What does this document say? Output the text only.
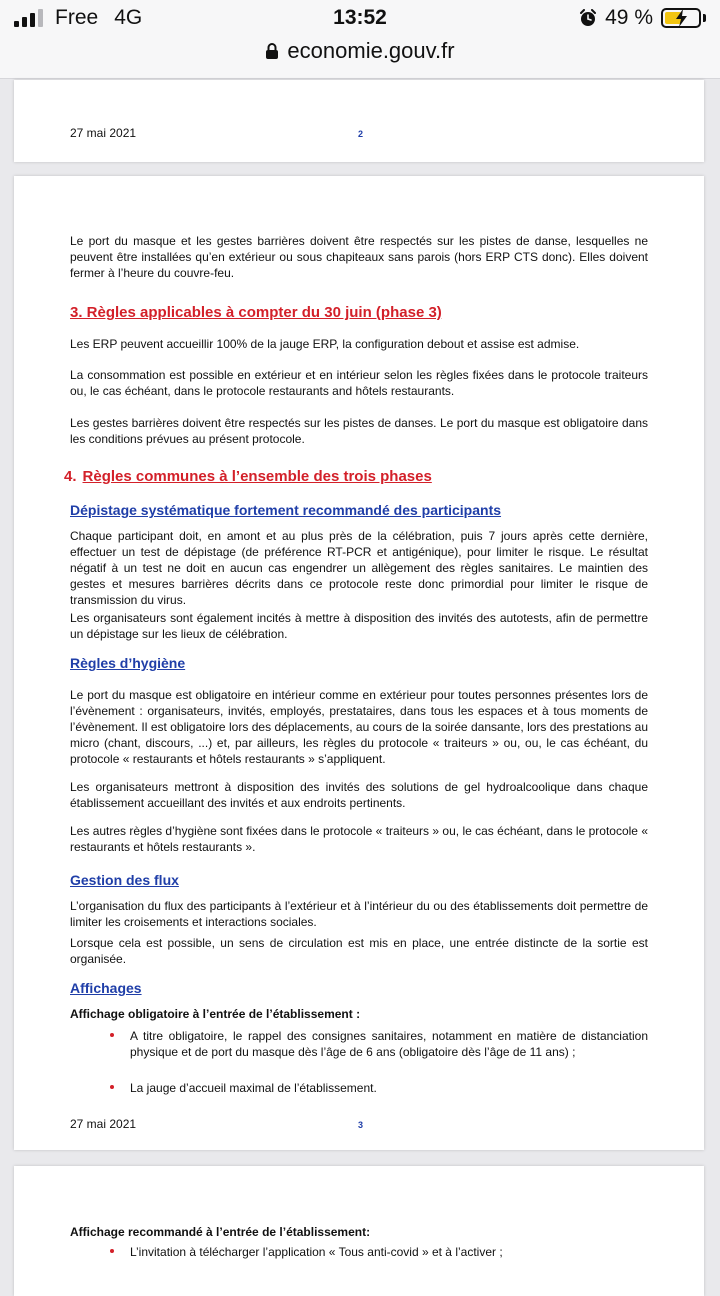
Free 4G	13:52	49 %
economie.gouv.fr
27 mai 2021	2
Le port du masque et les gestes barrières doivent être respectés sur les pistes de danse, lesquelles ne peuvent être installées qu’en extérieur ou sous chapiteaux sans parois (hors ERP CTS donc). Elles doivent fermer à l’heure du couvre-feu.
3. Règles applicables à compter du 30 juin (phase 3)
Les ERP peuvent accueillir 100% de la jauge ERP, la configuration debout et assise est admise.
La consommation est possible en extérieur et en intérieur selon les règles fixées dans le protocole traiteurs ou, le cas échéant, dans le protocole restaurants and hôtels restaurants.
Les gestes barrières doivent être respectés sur les pistes de danses. Le port du masque est obligatoire dans les conditions prévues au présent protocole.
4. Règles communes à l’ensemble des trois phases
Dépistage systématique fortement recommandé des participants
Chaque participant doit, en amont et au plus près de la célébration, puis 7 jours après cette dernière, effectuer un test de dépistage (de préférence RT-PCR et antigénique), pour limiter le risque. Le résultat négatif à un test ne doit en aucun cas engendrer un allègement des règles sanitaires. Le maintien des gestes et mesures barrières décrits dans ce protocole reste donc primordial pour limiter le risque de transmission du virus.
Les organisateurs sont également incités à mettre à disposition des invités des autotests, afin de permettre un dépistage sur les lieux de célébration.
Règles d’hygiène
Le port du masque est obligatoire en intérieur comme en extérieur pour toutes personnes présentes lors de l’évènement : organisateurs, invités, employés, prestataires, dans tous les espaces et à tous moments de l’évènement. Il est obligatoire lors des déplacements, au cours de la soirée dansante, lors des prestations au micro (chant, discours, ...) et, par ailleurs, les règles du protocole « traiteurs » ou, ou, le cas échéant, du protocole « restaurants et hôtels restaurants » s’appliquent.
Les organisateurs mettront à disposition des invités des solutions de gel hydroalcoolique dans chaque établissement accueillant des invités et aux endroits pertinents.
Les autres règles d’hygiène sont fixées dans le protocole « traiteurs » ou, le cas échéant, dans le protocole « restaurants et hôtels restaurants ».
Gestion des flux
L’organisation du flux des participants à l’extérieur et à l’intérieur du ou des établissements doit permettre de limiter les croisements et interactions sociales.
Lorsque cela est possible, un sens de circulation est mis en place, une entrée distincte de la sortie est organisée.
Affichages
Affichage obligatoire à l’entrée de l’établissement :
A titre obligatoire, le rappel des consignes sanitaires, notamment en matière de distanciation physique et de port du masque dès l’âge de 6 ans (obligatoire dès l’âge de 11 ans) ;
La jauge d’accueil maximal de l’établissement.
27 mai 2021	3
Affichage recommandé à l’entrée de l’établissement:
L’invitation à télécharger l’application « Tous anti-covid » et à l’activer ;
